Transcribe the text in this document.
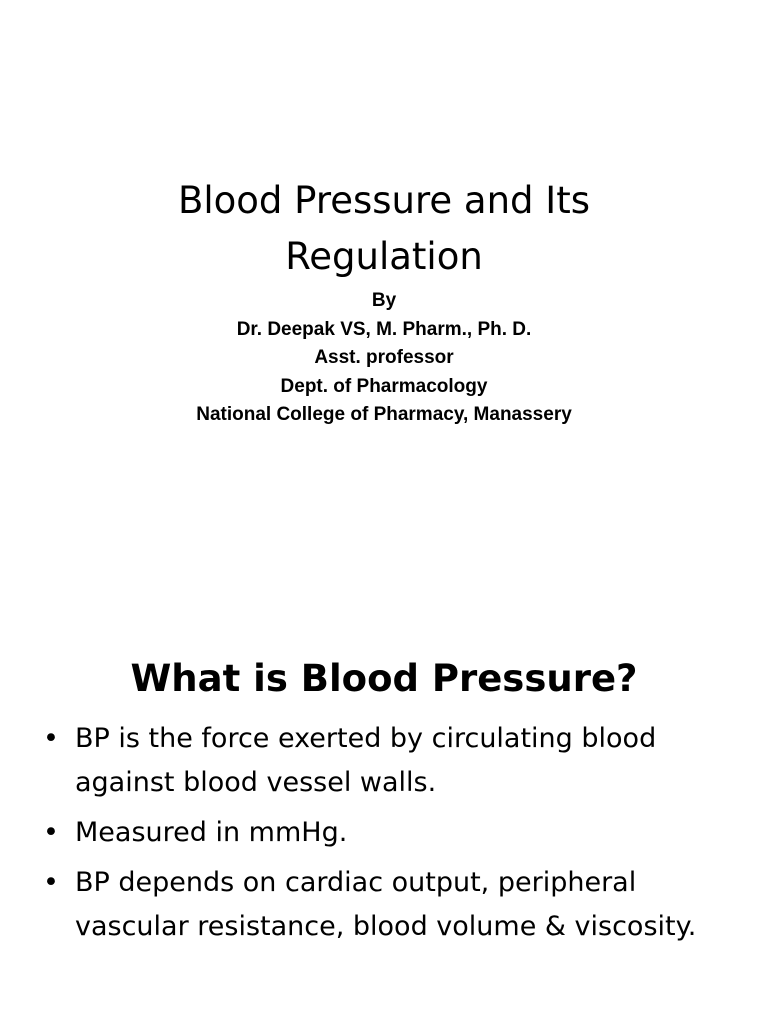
Blood Pressure and Its
Regulation
By
Dr. Deepak VS, M. Pharm., Ph. D.
Asst. professor
Dept. of Pharmacology
National College of Pharmacy, Manassery
What is Blood Pressure?
• BP is the force exerted by circulating blood against blood vessel walls.
• Measured in mmHg.
• BP depends on cardiac output, peripheral vascular resistance, blood volume & viscosity.
